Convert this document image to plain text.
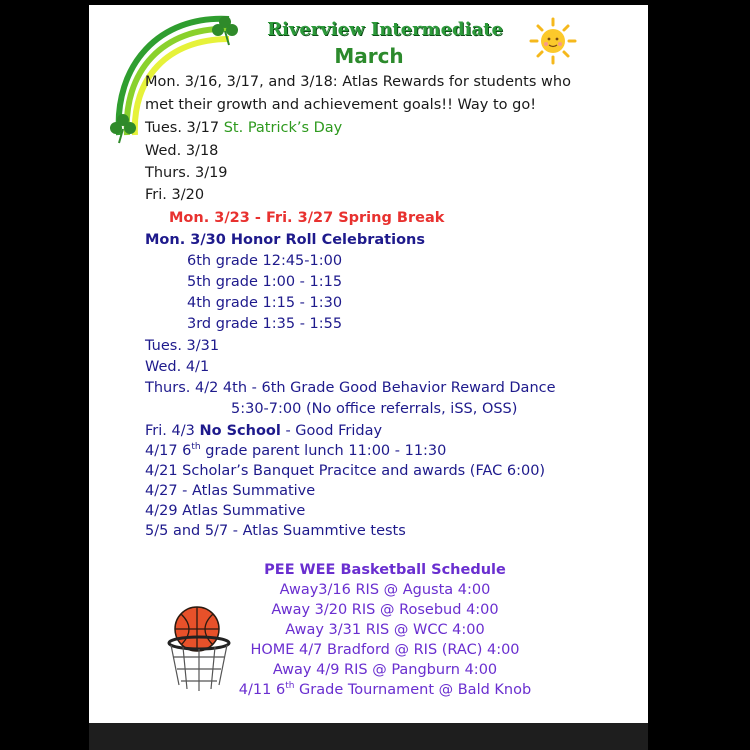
Riverview Intermediate
March
Mon. 3/16, 3/17, and 3/18: Atlas Rewards for students who
met their growth and achievement goals!! Way to go!
Tues. 3/17 St. Patrick’s Day
Wed. 3/18
Thurs. 3/19
Fri. 3/20
Mon. 3/23 - Fri. 3/27 Spring Break
Mon. 3/30 Honor Roll Celebrations
6th grade 12:45-1:00
5th grade 1:00 - 1:15
4th grade 1:15 - 1:30
3rd grade 1:35 - 1:55
Tues. 3/31
Wed. 4/1
Thurs. 4/2 4th - 6th Grade Good Behavior Reward Dance
5:30-7:00 (No office referrals, iSS, OSS)
Fri. 4/3 No School - Good Friday
4/17 6th grade parent lunch 11:00 - 11:30
4/21 Scholar’s Banquet Pracitce and awards (FAC 6:00)
4/27 - Atlas Summative
4/29 Atlas Summative
5/5 and 5/7 - Atlas Suammtive tests
PEE WEE Basketball Schedule
Away3/16 RIS @ Agusta 4:00
Away 3/20 RIS @ Rosebud 4:00
Away 3/31 RIS @ WCC 4:00
HOME 4/7 Bradford @ RIS (RAC) 4:00
Away 4/9 RIS @ Pangburn 4:00
4/11 6th Grade Tournament @ Bald Knob
